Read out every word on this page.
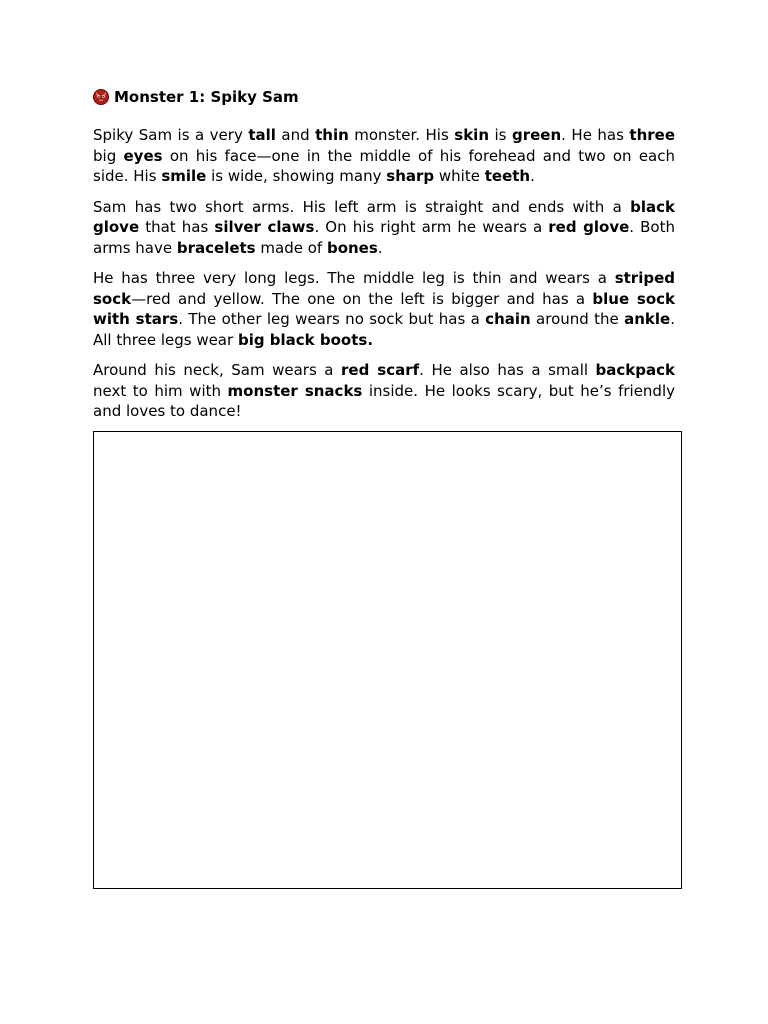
Monster 1: Spiky Sam

Spiky Sam is a very tall and thin monster. His skin is green. He has three big eyes on his face—one in the middle of his forehead and two on each side. His smile is wide, showing many sharp white teeth.

Sam has two short arms. His left arm is straight and ends with a black glove that has silver claws. On his right arm he wears a red glove. Both arms have bracelets made of bones.

He has three very long legs. The middle leg is thin and wears a striped sock—red and yellow. The one on the left is bigger and has a blue sock with stars. The other leg wears no sock but has a chain around the ankle. All three legs wear big black boots.

Around his neck, Sam wears a red scarf. He also has a small backpack next to him with monster snacks inside. He looks scary, but he’s friendly and loves to dance!
